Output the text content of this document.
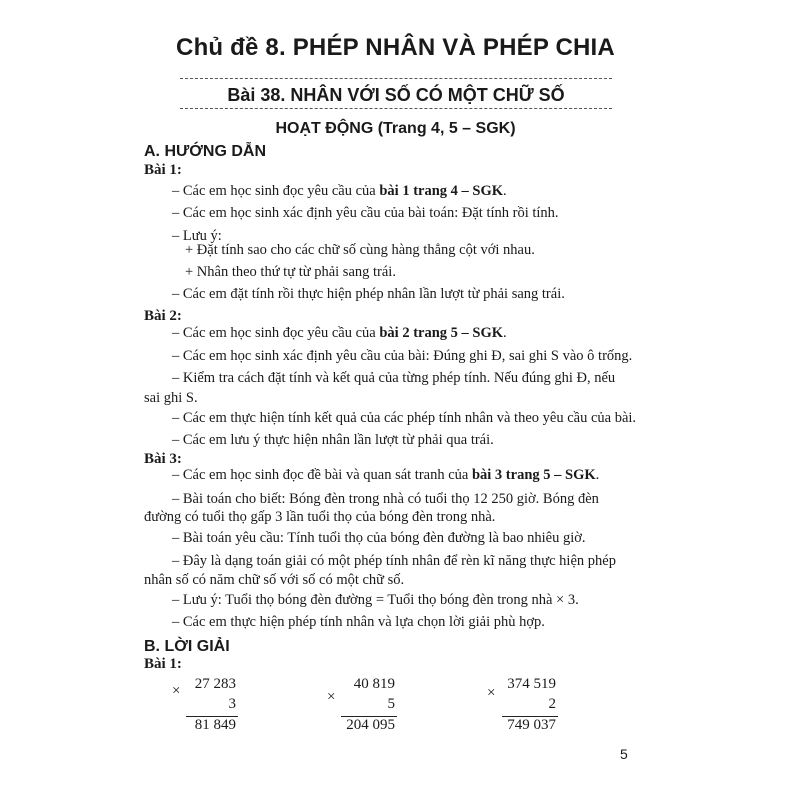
Chủ đề 8. PHÉP NHÂN VÀ PHÉP CHIA
Bài 38. NHÂN VỚI SỐ CÓ MỘT CHỮ SỐ
HOẠT ĐỘNG (Trang 4, 5 – SGK)
A. HƯỚNG DẪN
Bài 1:
– Các em học sinh đọc yêu cầu của bài 1 trang 4 – SGK.
– Các em học sinh xác định yêu cầu của bài toán: Đặt tính rồi tính.
– Lưu ý:
+ Đặt tính sao cho các chữ số cùng hàng thẳng cột với nhau.
+ Nhân theo thứ tự từ phải sang trái.
– Các em đặt tính rồi thực hiện phép nhân lần lượt từ phải sang trái.
Bài 2:
– Các em học sinh đọc yêu cầu của bài 2 trang 5 – SGK.
– Các em học sinh xác định yêu cầu của bài: Đúng ghi Đ, sai ghi S vào ô trống.
– Kiểm tra cách đặt tính và kết quả của từng phép tính. Nếu đúng ghi Đ, nếu
sai ghi S.
– Các em thực hiện tính kết quả của các phép tính nhân và theo yêu cầu của bài.
– Các em lưu ý thực hiện nhân lần lượt từ phải qua trái.
Bài 3:
– Các em học sinh đọc đề bài và quan sát tranh của bài 3 trang 5 – SGK.
– Bài toán cho biết: Bóng đèn trong nhà có tuổi thọ 12 250 giờ. Bóng đèn
đường có tuổi thọ gấp 3 lần tuổi thọ của bóng đèn trong nhà.
– Bài toán yêu cầu: Tính tuổi thọ của bóng đèn đường là bao nhiêu giờ.
– Đây là dạng toán giải có một phép tính nhân để rèn kĩ năng thực hiện phép
nhân số có năm chữ số với số có một chữ số.
– Lưu ý: Tuổi thọ bóng đèn đường = Tuổi thọ bóng đèn trong nhà × 3.
– Các em thực hiện phép tính nhân và lựa chọn lời giải phù hợp.
B. LỜI GIẢI
Bài 1:
× 27 283
3
81 849
×
40 819
5
204 095
×
374 519
2
749 037
5
